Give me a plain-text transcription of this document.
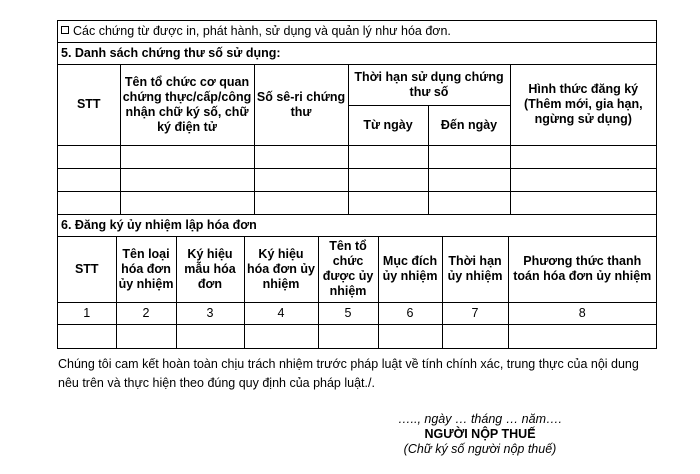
Các chứng từ được in, phát hành, sử dụng và quản lý như hóa đơn.
5. Danh sách chứng thư số sử dụng:
STT	Tên tổ chức cơ quan chứng thực/cấp/công nhận chữ ký số, chữ ký điện tử	Số sê-ri chứng thư	Thời hạn sử dụng chứng thư số		Hình thức đăng ký (Thêm mới, gia hạn, ngừng sử dụng)
			Từ ngày	Đến ngày	

6. Đăng ký ủy nhiệm lập hóa đơn
STT	Tên loại hóa đơn ủy nhiệm	Ký hiệu mẫu hóa đơn	Ký hiệu hóa đơn ủy nhiệm	Tên tổ chức được ủy nhiệm	Mục đích ủy nhiệm	Thời hạn ủy nhiệm	Phương thức thanh toán hóa đơn ủy nhiệm
1	2	3	4	5	6	7	8

Chúng tôi cam kết hoàn toàn chịu trách nhiệm trước pháp luật về tính chính xác, trung thực của nội dung nêu trên và thực hiện theo đúng quy định của pháp luật./.
….., ngày … tháng … năm….
NGƯỜI NỘP THUẾ
(Chữ ký số người nộp thuế)
